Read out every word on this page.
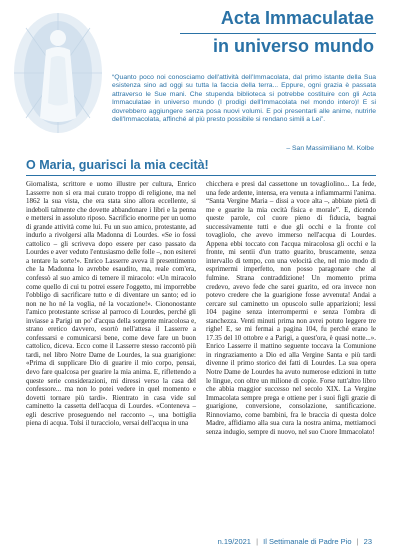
Acta Immaculatae
in universo mundo
“Quanto poco noi conosciamo dell'attività dell'Immacolata, dal primo istante della Sua esistenza sino ad oggi su tutta la faccia della terra... Eppure, ogni grazia è passata attraverso le Sue mani. Che stupenda biblioteca si potrebbe costituire con gli Acta Immaculatae in universo mundo (I prodigi dell'Immacolata nel mondo intero)! E si dovrebbero aggiungere senza posa nuovi volumi. E poi presentarli alle anime, nutrirle dell'Immacolata, affinché al più presto possibile si rendano simili a Lei”.
– San Massimiliano M. Kolbe
O Maria, guarisci la mia cecità!

Giornalista, scrittore e uomo illustre per cultura, Enrico Lasserre non si era mai curato troppo di religione, ma nel 1862 la sua vista, che era stata sino allora eccellente, si indebolì talmente che dovette abbandonare i libri e la penna e mettersi in assoluto riposo. Sacrificio enorme per un uomo di grande attività come lui. Fu un suo amico, protestante, ad indurlo a rivolgersi alla Madonna di Lourdes. «Se io fossi cattolico – gli scriveva dopo essere per caso passato da Lourdes e aver veduto l'entusiasmo delle folle –, non esiterei a tentare la sorte!». Enrico Lasserre aveva il presentimento che la Madonna lo avrebbe esaudito, ma, reale com'era, confessò al suo amico di temere il miracolo: «Un miracolo come quello di cui tu potrei essere l'oggetto, mi imporrebbe l'obbligo di sacrificare tutto e di diventare un santo; ed io non ne ho né la voglia, né la vocazione!». Ciononostante l'amico protestante scrisse al parroco di Lourdes, perché gli inviasse a Parigi un po' d'acqua della sorgente miracolosa e, strano eretico davvero, esortò nell'attesa il Lasserre a confessarsi e comunicarsi bene, come deve fare un buon cattolico, diceva. Ecco come il Lasserre stesso raccontò più tardi, nel libro Notre Dame de Lourdes, la sua guarigione: «Prima di supplicare Dio di guarire il mio corpo, pensai, devo fare qualcosa per guarire la mia anima. E, riflettendo a queste serie considerazioni, mi diressi verso la casa del confessore... ma non lo potei vedere in quel momento e dovetti tornare più tardi». Rientrato in casa vide sul caminetto la cassetta dell'acqua di Lourdes. «Conteneva – egli descrive proseguendo nel racconto –, una bottiglia piena di acqua. Tolsi il turacciolo, versai dell'acqua in una

chicchera e presi dal cassettone un tovagliolino... La fede, una fede ardente, intensa, era venuta a infiammarmi l'anima. “Santa Vergine Maria – dissi a voce alta –, abbiate pietà di me e guarite la mia cecità fisica e morale”. E, dicendo queste parole, col cuore pieno di fiducia, bagnai successivamente tutti e due gli occhi e la fronte col tovagliolo, che avevo immerso nell'acqua di Lourdes. Appena ebbi toccato con l'acqua miracolosa gli occhi e la fronte, mi sentii d'un tratto guarito, bruscamente, senza intervallo di tempo, con una velocità che, nel mio modo di esprimermi imperfetto, non posso paragonare che al fulmine. Strana contraddizione! Un momento prima credevo, avevo fede che sarei guarito, ed ora invece non potevo credere che la guarigione fosse avvenuta! Andai a cercare sul caminetto un opuscolo sulle apparizioni; lessi 104 pagine senza interrompermi e senza l'ombra di stanchezza. Venti minuti prima non avrei potuto leggere tre righe! E, se mi fermai a pagina 104, fu perché erano le 17.35 del 10 ottobre e a Parigi, a quest'ora, è quasi notte...». Enrico Lasserre il mattino seguente toccava la Comunione in ringraziamento a Dio ed alla Vergine Santa e più tardi divenne il primo storico dei fatti di Lourdes. La sua opera Notre Dame de Lourdes ha avuto numerose edizioni in tutte le lingue, con oltre un milione di copie. Forse tutt'altro libro che abbia maggior successo nel secolo XIX. La Vergine Immacolata sempre prega e ottiene per i suoi figli grazie di guarigione, conversione, consolazione, santificazione. Rinnoviamo, come bambini, fra le braccia di questa dolce Madre, affidiamo alla sua cura la nostra anima, mettiamoci senza indugio, sempre di nuovo, nel suo Cuore Immacolato!

n.19/2021 | Il Settimanale di Padre Pio | 23
